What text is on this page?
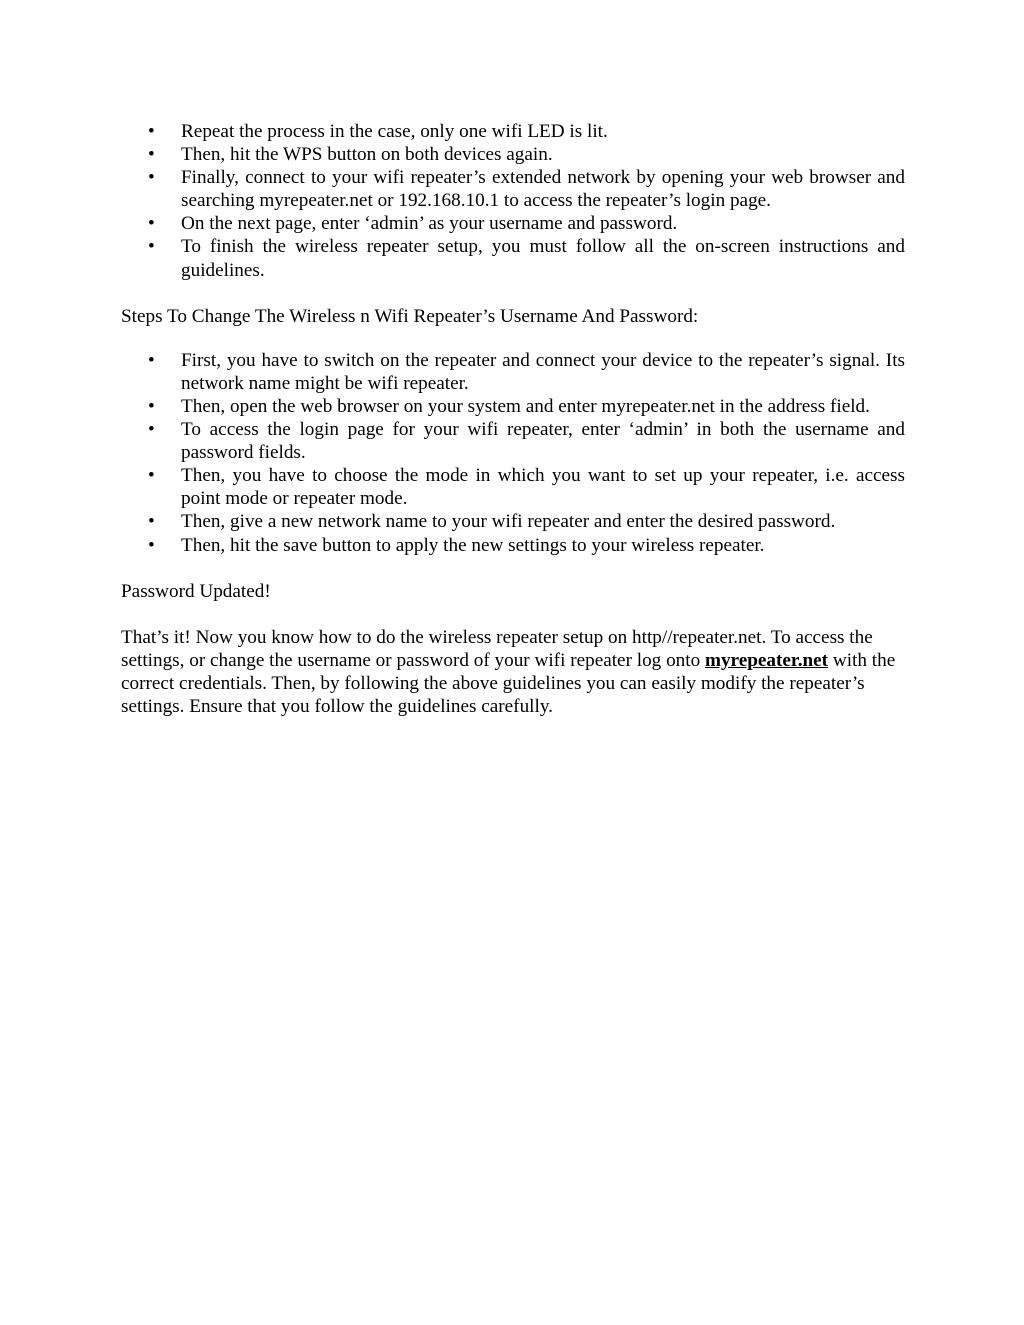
• Repeat the process in the case, only one wifi LED is lit.
• Then, hit the WPS button on both devices again.
• Finally, connect to your wifi repeater’s extended network by opening your web browser and searching myrepeater.net or 192.168.10.1 to access the repeater’s login page.
• On the next page, enter ‘admin’ as your username and password.
• To finish the wireless repeater setup, you must follow all the on-screen instructions and guidelines.

Steps To Change The Wireless n Wifi Repeater’s Username And Password:

• First, you have to switch on the repeater and connect your device to the repeater’s signal. Its network name might be wifi repeater.
• Then, open the web browser on your system and enter myrepeater.net in the address field.
• To access the login page for your wifi repeater, enter ‘admin’ in both the username and password fields.
• Then, you have to choose the mode in which you want to set up your repeater, i.e. access point mode or repeater mode.
• Then, give a new network name to your wifi repeater and enter the desired password.
• Then, hit the save button to apply the new settings to your wireless repeater.

Password Updated!

That’s it! Now you know how to do the wireless repeater setup on http//repeater.net. To access the settings, or change the username or password of your wifi repeater log onto myrepeater.net with the correct credentials. Then, by following the above guidelines you can easily modify the repeater’s settings. Ensure that you follow the guidelines carefully.
